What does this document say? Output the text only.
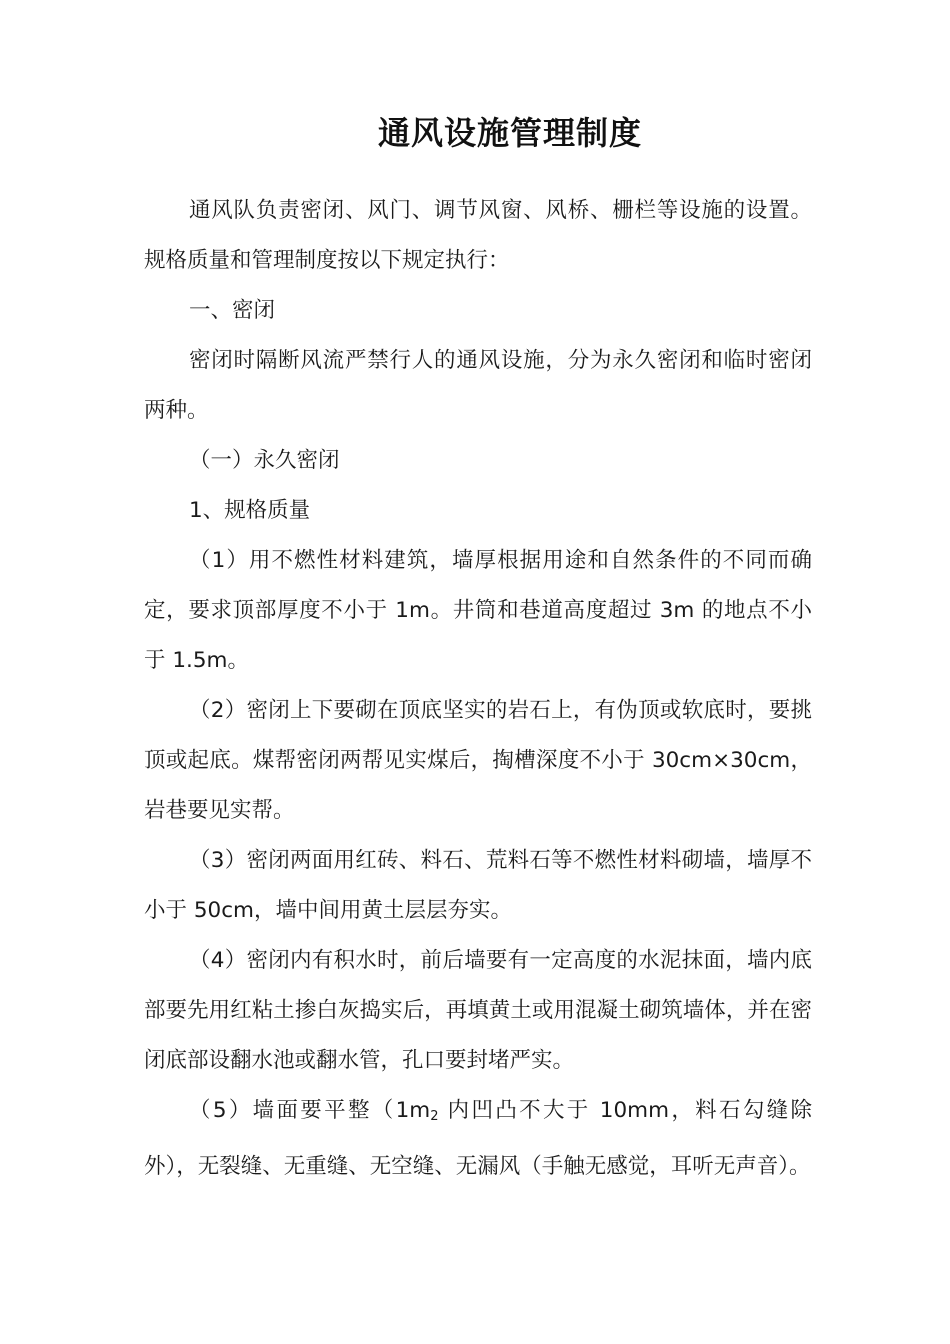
通风设施管理制度

通风队负责密闭、风门、调节风窗、风桥、栅栏等设施的设置。规格质量和管理制度按以下规定执行：

一、密闭

密闭时隔断风流严禁行人的通风设施，分为永久密闭和临时密闭两种。

（一）永久密闭

1、规格质量

（1）用不燃性材料建筑，墙厚根据用途和自然条件的不同而确定，要求顶部厚度不小于 1m。井筒和巷道高度超过 3m 的地点不小于 1.5m。

（2）密闭上下要砌在顶底坚实的岩石上，有伪顶或软底时，要挑顶或起底。煤帮密闭两帮见实煤后，掏槽深度不小于 30cm×30cm，岩巷要见实帮。

（3）密闭两面用红砖、料石、荒料石等不燃性材料砌墙，墙厚不小于 50cm，墙中间用黄土层层夯实。

（4）密闭内有积水时，前后墙要有一定高度的水泥抹面，墙内底部要先用红粘土掺白灰捣实后，再填黄土或用混凝土砌筑墙体，并在密闭底部设翻水池或翻水管，孔口要封堵严实。

（5）墙面要平整（1m2 内凹凸不大于 10mm，料石勾缝除外），无裂缝、无重缝、无空缝、无漏风（手触无感觉，耳听无声音）。
